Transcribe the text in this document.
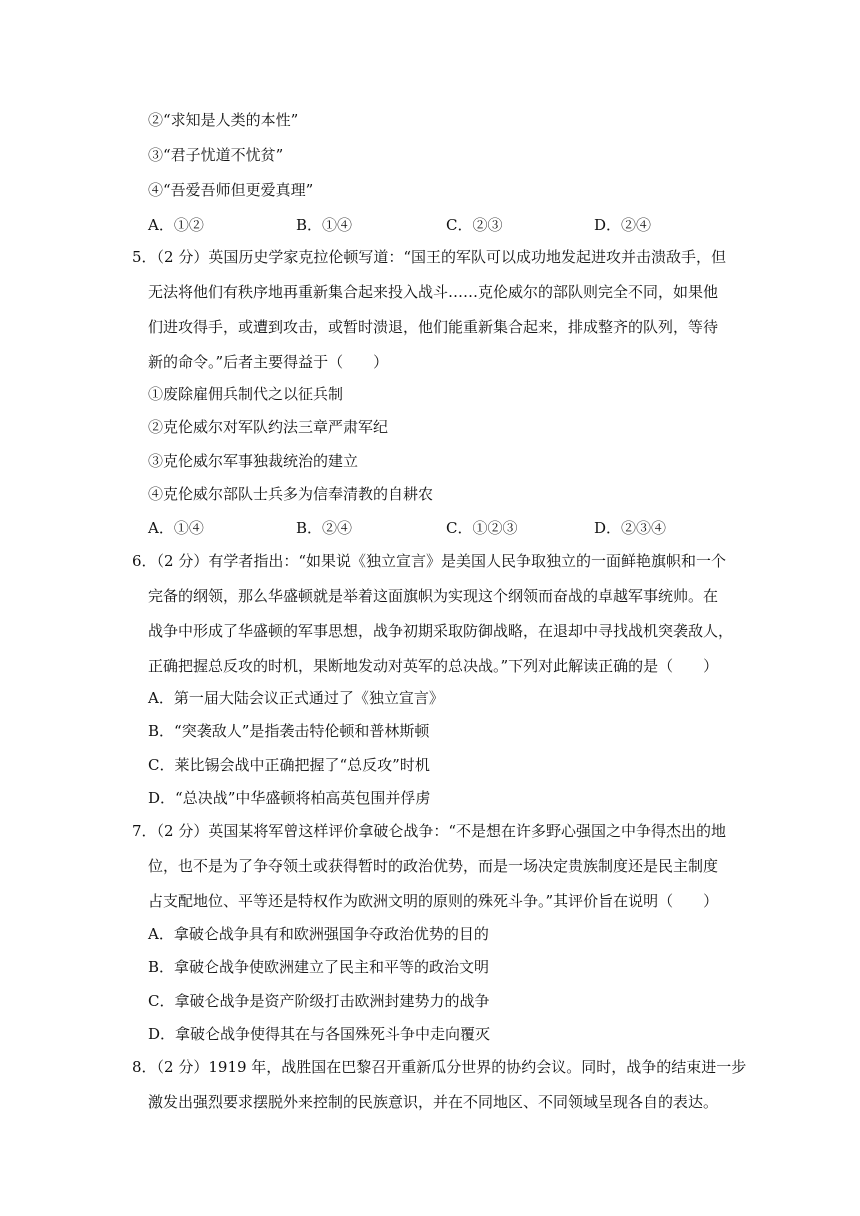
②“求知是人类的本性”
③“君子忧道不忧贫”
④“吾爱吾师但更爱真理”
A．①②	B．①④	C．②③	D．②④
5．（2 分）英国历史学家克拉伦顿写道：“国王的军队可以成功地发起进攻并击溃敌手，但
无法将他们有秩序地再重新集合起来投入战斗……克伦威尔的部队则完全不同，如果他
们进攻得手，或遭到攻击，或暂时溃退，他们能重新集合起来，排成整齐的队列，等待
新的命令。”后者主要得益于（　　）
①废除雇佣兵制代之以征兵制
②克伦威尔对军队约法三章严肃军纪
③克伦威尔军事独裁统治的建立
④克伦威尔部队士兵多为信奉清教的自耕农
A．①④	B．②④	C．①②③	D．②③④
6．（2 分）有学者指出：“如果说《独立宣言》是美国人民争取独立的一面鲜艳旗帜和一个
完备的纲领，那么华盛顿就是举着这面旗帜为实现这个纲领而奋战的卓越军事统帅。在
战争中形成了华盛顿的军事思想，战争初期采取防御战略，在退却中寻找战机突袭敌人，
正确把握总反攻的时机，果断地发动对英军的总决战。”下列对此解读正确的是（　　）
A．第一届大陆会议正式通过了《独立宣言》
B．“突袭敌人”是指袭击特伦顿和普林斯顿
C．莱比锡会战中正确把握了“总反攻”时机
D．“总决战”中华盛顿将柏高英包围并俘虏
7．（2 分）英国某将军曾这样评价拿破仑战争：“不是想在许多野心强国之中争得杰出的地
位，也不是为了争夺领土或获得暂时的政治优势，而是一场决定贵族制度还是民主制度
占支配地位、平等还是特权作为欧洲文明的原则的殊死斗争。”其评价旨在说明（　　）
A．拿破仑战争具有和欧洲强国争夺政治优势的目的
B．拿破仑战争使欧洲建立了民主和平等的政治文明
C．拿破仑战争是资产阶级打击欧洲封建势力的战争
D．拿破仑战争使得其在与各国殊死斗争中走向覆灭
8．（2 分）1919 年，战胜国在巴黎召开重新瓜分世界的协约会议。同时，战争的结束进一步
激发出强烈要求摆脱外来控制的民族意识，并在不同地区、不同领域呈现各自的表达。
